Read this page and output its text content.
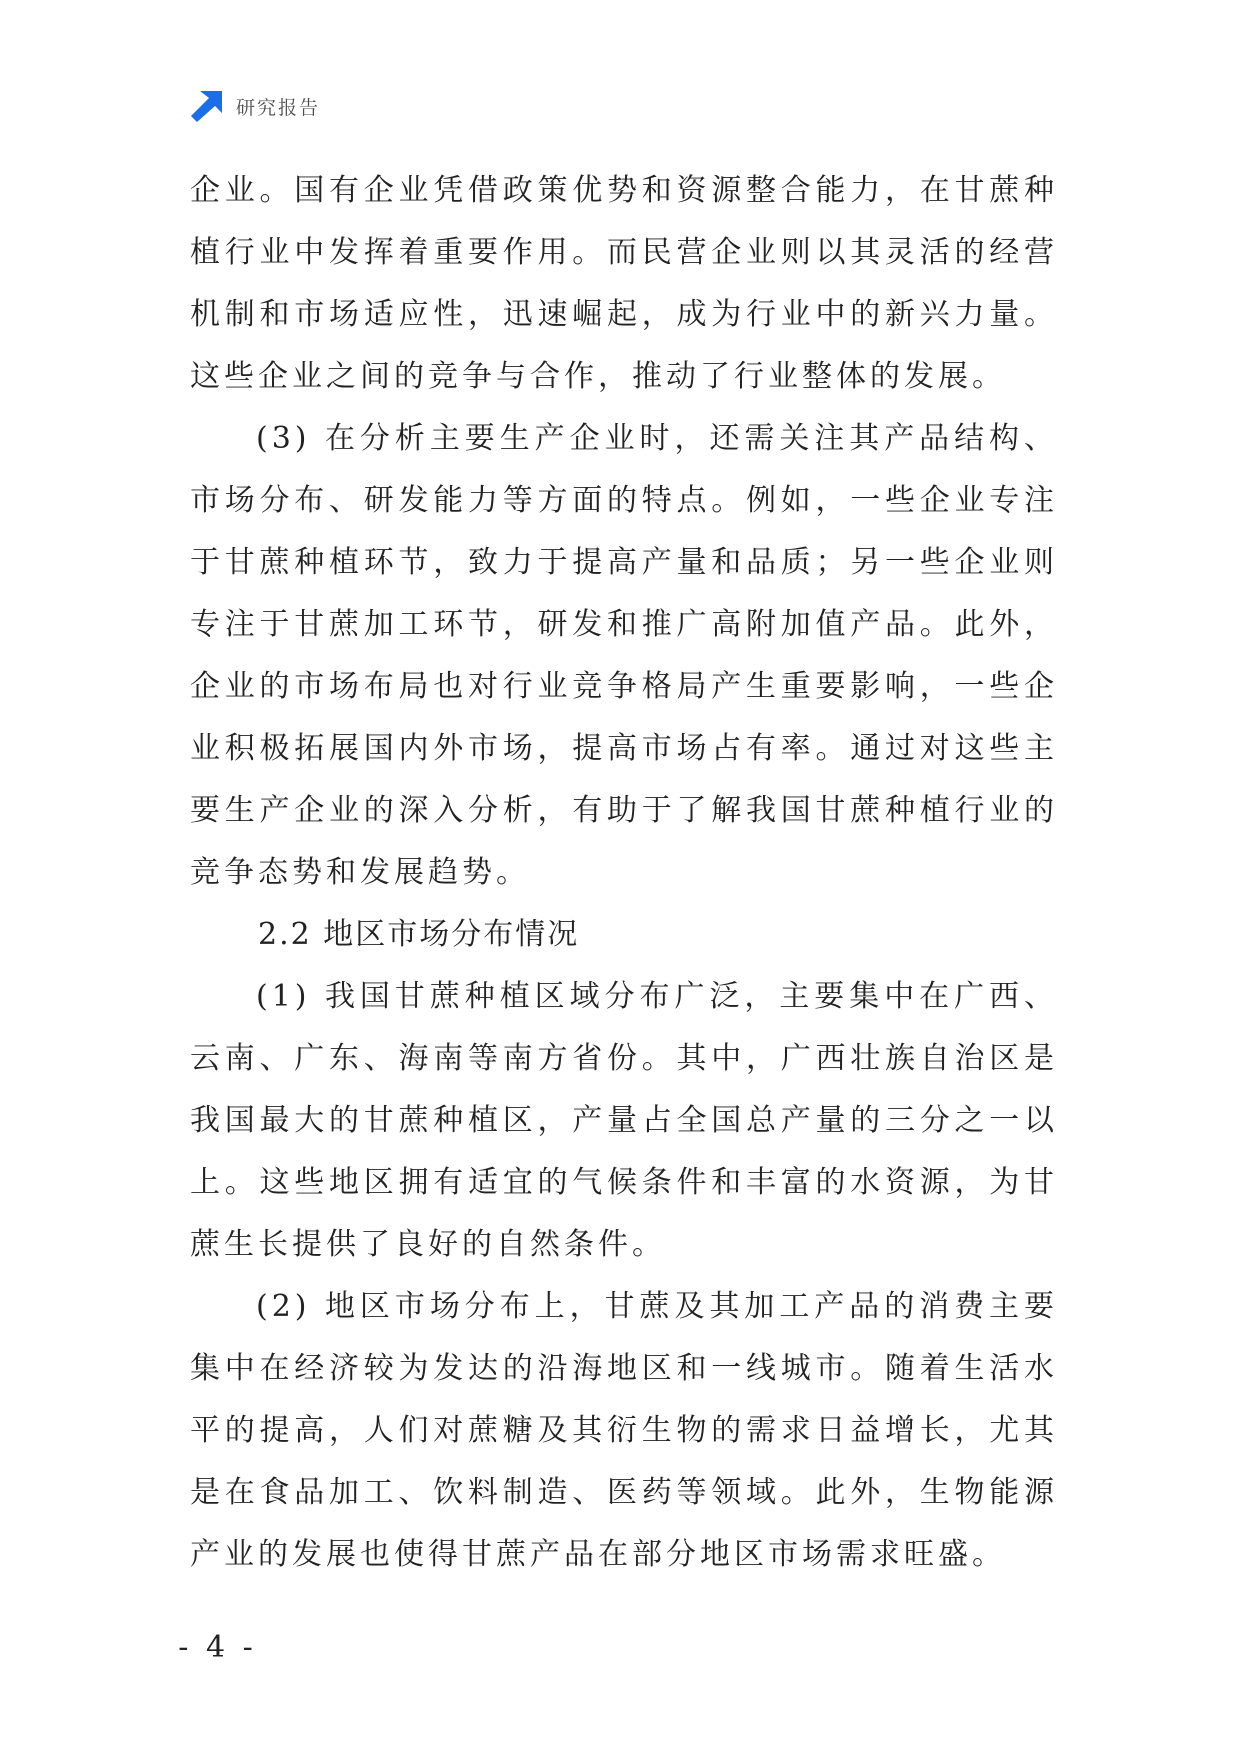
研究报告

企业。国有企业凭借政策优势和资源整合能力，在甘蔗种植行业中发挥着重要作用。而民营企业则以其灵活的经营机制和市场适应性，迅速崛起，成为行业中的新兴力量。这些企业之间的竞争与合作，推动了行业整体的发展。

(3) 在分析主要生产企业时，还需关注其产品结构、市场分布、研发能力等方面的特点。例如，一些企业专注于甘蔗种植环节，致力于提高产量和品质；另一些企业则专注于甘蔗加工环节，研发和推广高附加值产品。此外，企业的市场布局也对行业竞争格局产生重要影响，一些企业积极拓展国内外市场，提高市场占有率。通过对这些主要生产企业的深入分析，有助于了解我国甘蔗种植行业的竞争态势和发展趋势。

2.2 地区市场分布情况

(1) 我国甘蔗种植区域分布广泛，主要集中在广西、云南、广东、海南等南方省份。其中，广西壮族自治区是我国最大的甘蔗种植区，产量占全国总产量的三分之一以上。这些地区拥有适宜的气候条件和丰富的水资源，为甘蔗生长提供了良好的自然条件。

(2) 地区市场分布上，甘蔗及其加工产品的消费主要集中在经济较为发达的沿海地区和一线城市。随着生活水平的提高，人们对蔗糖及其衍生物的需求日益增长，尤其是在食品加工、饮料制造、医药等领域。此外，生物能源产业的发展也使得甘蔗产品在部分地区市场需求旺盛。

- 4 -
